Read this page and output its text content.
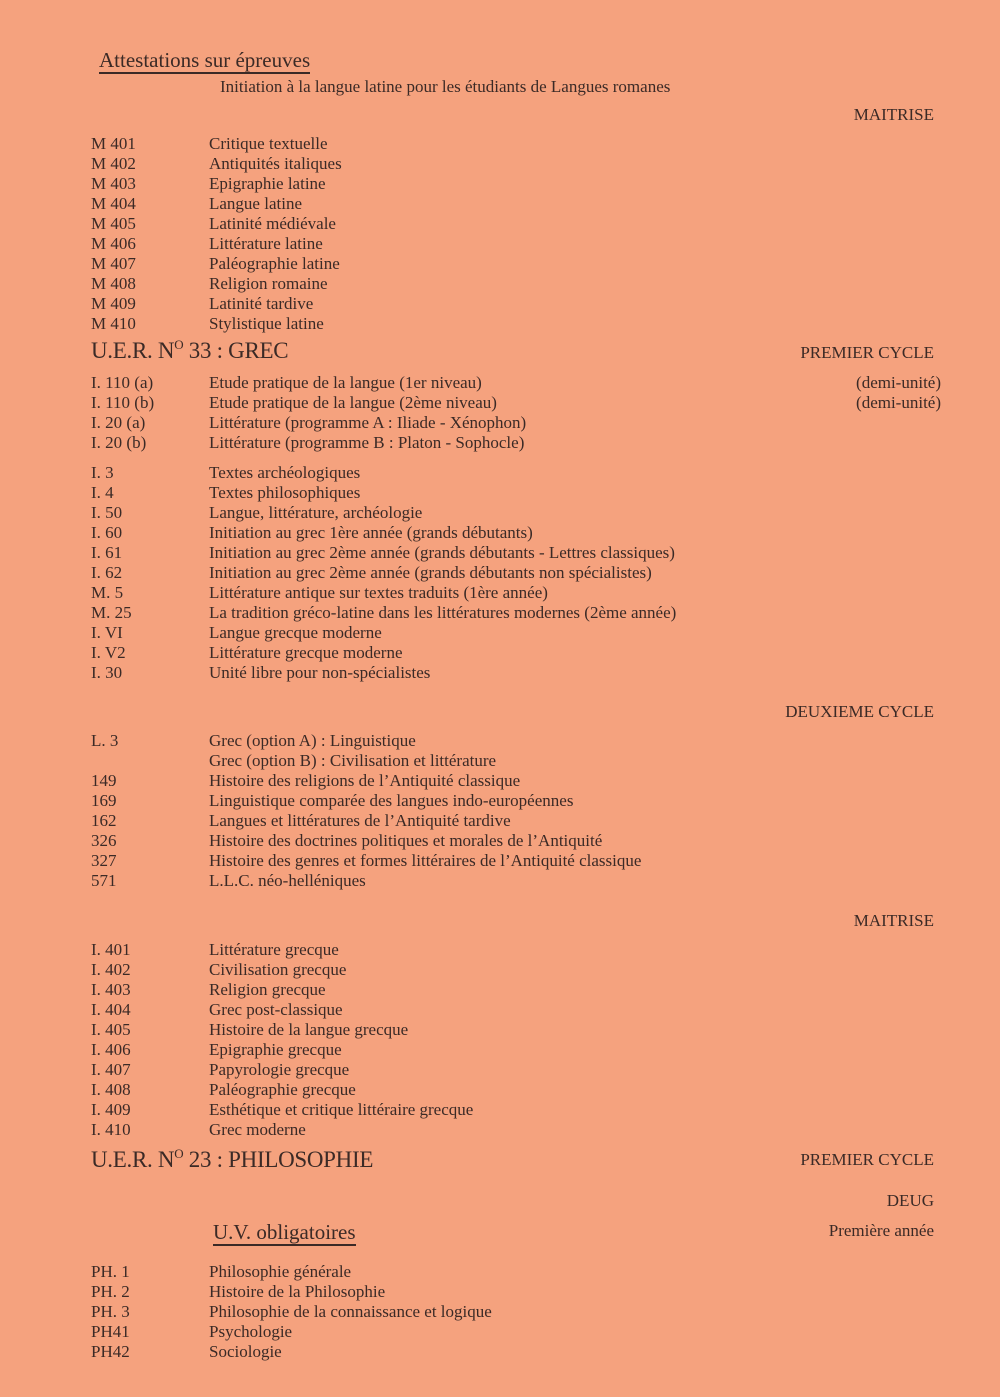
Attestations sur épreuves
Initiation à la langue latine pour les étudiants de Langues romanes
MAITRISE
M 401	Critique textuelle
M 402	Antiquités italiques
M 403	Epigraphie latine
M 404	Langue latine
M 405	Latinité médiévale
M 406	Littérature latine
M 407	Paléographie latine
M 408	Religion romaine
M 409	Latinité tardive
M 410	Stylistique latine
U.E.R. $N^O$ 33 : GREC	PREMIER CYCLE
I. 110 (a)	Etude pratique de la langue (1er niveau)	(demi-unité)
I. 110 (b)	Etude pratique de la langue (2ème niveau)	(demi-unité)
I. 20 (a)	Littérature (programme A : Iliade - Xénophon)
I. 20 (b)	Littérature (programme B : Platon - Sophocle)
I. 3	Textes archéologiques
I. 4	Textes philosophiques
I. 50	Langue, littérature, archéologie
I. 60	Initiation au grec 1ère année (grands débutants)
I. 61	Initiation au grec 2ème année (grands débutants - Lettres classiques)
I. 62	Initiation au grec 2ème année (grands débutants non spécialistes)
M. 5	Littérature antique sur textes traduits (1ère année)
M. 25	La tradition gréco-latine dans les littératures modernes (2ème année)
I. VI	Langue grecque moderne
I. V2	Littérature grecque moderne
I. 30	Unité libre pour non-spécialistes
DEUXIEME CYCLE
L. 3	Grec (option A) : Linguistique
Grec (option B) : Civilisation et littérature
149	Histoire des religions de l’Antiquité classique
169	Linguistique comparée des langues indo-européennes
162	Langues et littératures de l’Antiquité tardive
326	Histoire des doctrines politiques et morales de l’Antiquité
327	Histoire des genres et formes littéraires de l’Antiquité classique
571	L.L.C. néo-helléniques
MAITRISE
I. 401	Littérature grecque
I. 402	Civilisation grecque
I. 403	Religion grecque
I. 404	Grec post-classique
I. 405	Histoire de la langue grecque
I. 406	Epigraphie grecque
I. 407	Papyrologie grecque
I. 408	Paléographie grecque
I. 409	Esthétique et critique littéraire grecque
I. 410	Grec moderne
U.E.R. $N^O$ 23 : PHILOSOPHIE	PREMIER CYCLE
DEUG
Première année
U.V. obligatoires
PH. 1	Philosophie générale
PH. 2	Histoire de la Philosophie
PH. 3	Philosophie de la connaissance et logique
PH41	Psychologie
PH42	Sociologie
